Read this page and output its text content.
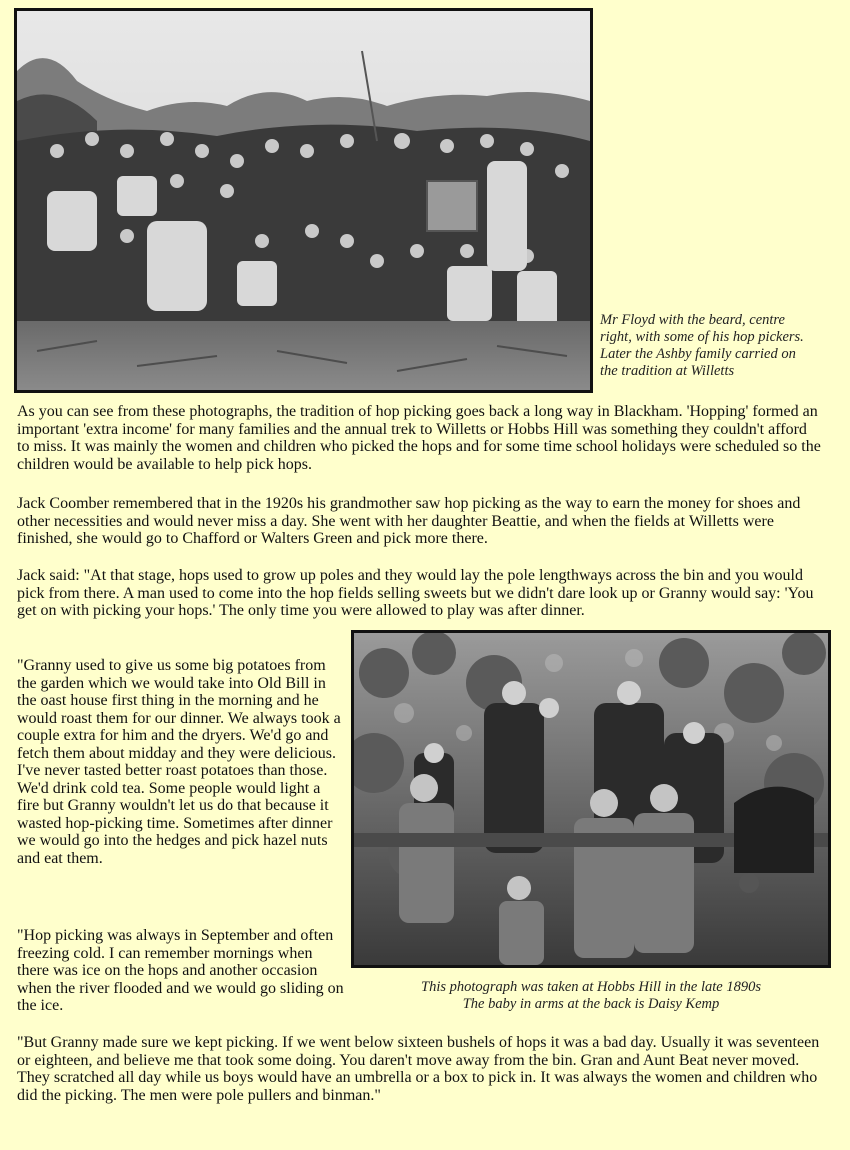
Mr Floyd with the beard, centre right, with some of his hop pickers. Later the Ashby family carried on the tradition at Willetts

As you can see from these photographs, the tradition of hop picking goes back a long way in Blackham. 'Hopping' formed an important 'extra income' for many families and the annual trek to Willetts or Hobbs Hill was something they couldn't afford to miss. It was mainly the women and children who picked the hops and for some time school holidays were scheduled so the children would be available to help pick hops.

Jack Coomber remembered that in the 1920s his grandmother saw hop picking as the way to earn the money for shoes and other necessities and would never miss a day. She went with her daughter Beattie, and when the fields at Willetts were finished, she would go to Chafford or Walters Green and pick more there.

Jack said: "At that stage, hops used to grow up poles and they would lay the pole lengthways across the bin and you would pick from there. A man used to come into the hop fields selling sweets but we didn't dare look up or Granny would say: 'You get on with picking your hops.' The only time you were allowed to play was after dinner.

"Granny used to give us some big potatoes from the garden which we would take into Old Bill in the oast house first thing in the morning and he would roast them for our dinner. We always took a couple extra for him and the dryers. We'd go and fetch them about midday and they were delicious. I've never tasted better roast potatoes than those. We'd drink cold tea. Some people would light a fire but Granny wouldn't let us do that because it wasted hop-picking time. Sometimes after dinner we would go into the hedges and pick hazel nuts and eat them.

"Hop picking was always in September and often freezing cold. I can remember mornings when there was ice on the hops and another occasion when the river flooded and we would go sliding on the ice.

This photograph was taken at Hobbs Hill in the late 1890s
The baby in arms at the back is Daisy Kemp

"But Granny made sure we kept picking. If we went below sixteen bushels of hops it was a bad day. Usually it was seventeen or eighteen, and believe me that took some doing. You daren't move away from the bin. Gran and Aunt Beat never moved. They scratched all day while us boys would have an umbrella or a box to pick in. It was always the women and children who did the picking. The men were pole pullers and binman."
